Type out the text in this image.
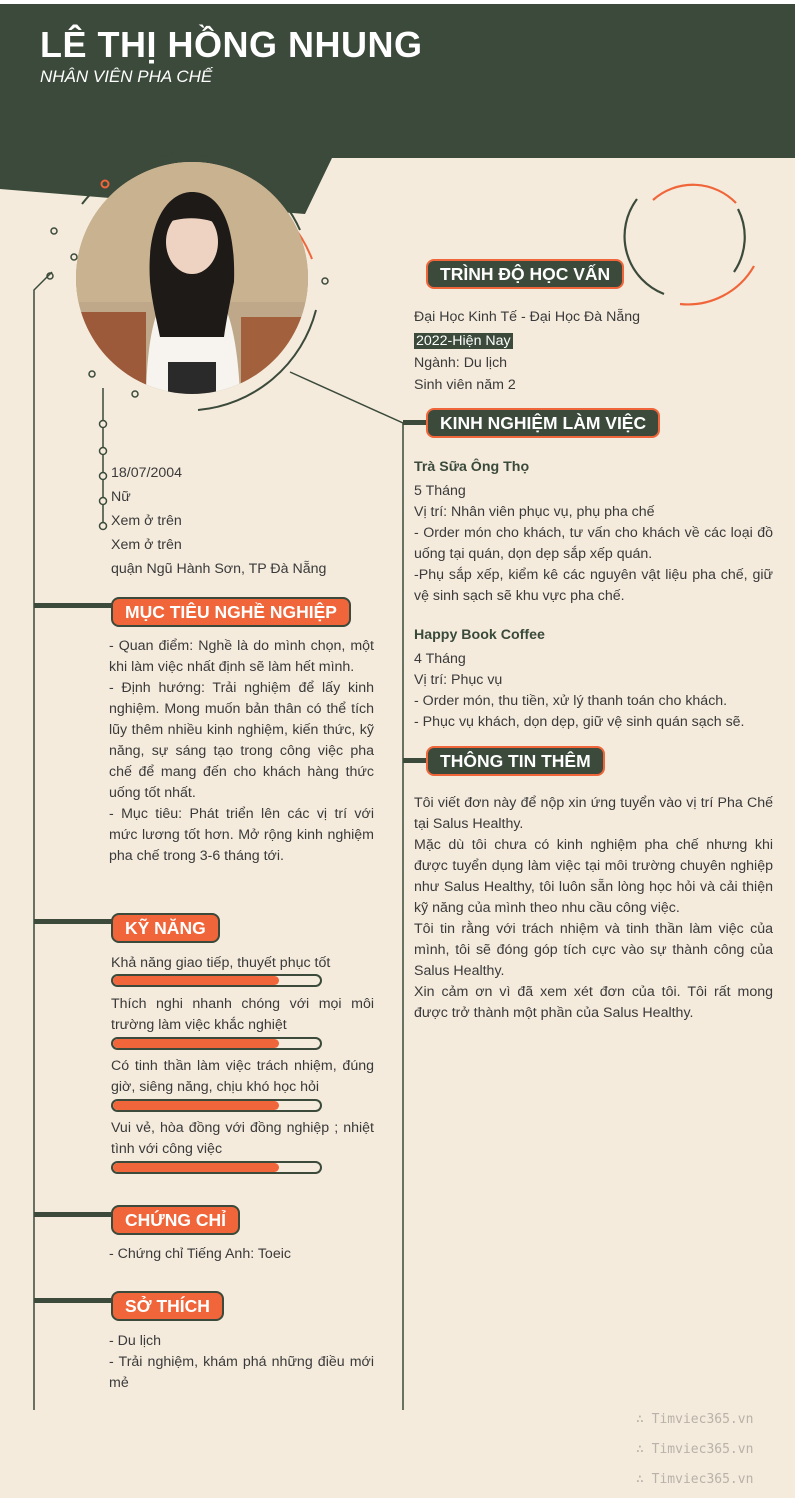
LÊ THỊ HỒNG NHUNG
NHÂN VIÊN PHA CHẾ
18/07/2004
Nữ
Xem ở trên
Xem ở trên
quận Ngũ Hành Sơn, TP Đà Nẵng
MỤC TIÊU NGHỀ NGHIỆP

- Quan điểm: Nghề là do mình chọn, một khi làm việc nhất định sẽ làm hết mình.

- Định hướng: Trải nghiệm để lấy kinh nghiệm. Mong muốn bản thân có thể tích lũy thêm nhiều kinh nghiệm, kiến thức, kỹ năng, sự sáng tạo trong công việc pha chế để mang đến cho khách hàng thức uống tốt nhất.

- Mục tiêu: Phát triển lên các vị trí với mức lương tốt hơn. Mở rộng kinh nghiệm pha chế trong 3-6 tháng tới.

KỸ NĂNG
Khả năng giao tiếp, thuyết phục tốt
Thích nghi nhanh chóng với mọi môi trường làm việc khắc nghiệt
Có tinh thần làm việc trách nhiệm, đúng giờ, siêng năng, chịu khó học hỏi
Vui vẻ, hòa đồng với đồng nghiệp ; nhiệt tình với công việc
CHỨNG CHỈ
- Chứng chỉ Tiếng Anh: Toeic
SỞ THÍCH

- Du lịch

- Trải nghiệm, khám phá những điều mới mẻ

TRÌNH ĐỘ HỌC VẤN
Đại Học Kinh Tế - Đại Học Đà Nẵng
2022-Hiện Nay
Ngành: Du lịch
Sinh viên năm 2
KINH NGHIỆM LÀM VIỆC

Trà Sữa Ông Thọ

5 Tháng

Vị trí: Nhân viên phục vụ, phụ pha chế

- Order món cho khách, tư vấn cho khách về các loại đồ uống tại quán, dọn dẹp sắp xếp quán.

-Phụ sắp xếp, kiểm kê các nguyên vật liệu pha chế, giữ vệ sinh sạch sẽ khu vực pha chế.

Happy Book Coffee

4 Tháng

Vị trí: Phục vụ

- Order món, thu tiền, xử lý thanh toán cho khách.

- Phục vụ khách, dọn dẹp, giữ vệ sinh quán sạch sẽ.

THÔNG TIN THÊM

Tôi viết đơn này để nộp xin ứng tuyển vào vị trí Pha Chế tại Salus Healthy.

Mặc dù tôi chưa có kinh nghiệm pha chế nhưng khi được tuyển dụng làm việc tại môi trường chuyên nghiệp như Salus Healthy, tôi luôn sẵn lòng học hỏi và cải thiện kỹ năng của mình theo nhu cầu công việc.

Tôi tin rằng với trách nhiệm và tinh thần làm việc của mình, tôi sẽ đóng góp tích cực vào sự thành công của Salus Healthy.

Xin cảm ơn vì đã xem xét đơn của tôi. Tôi rất mong được trở thành một phần của Salus Healthy.

∴ Timviec365.vn
∴ Timviec365.vn
∴ Timviec365.vn
